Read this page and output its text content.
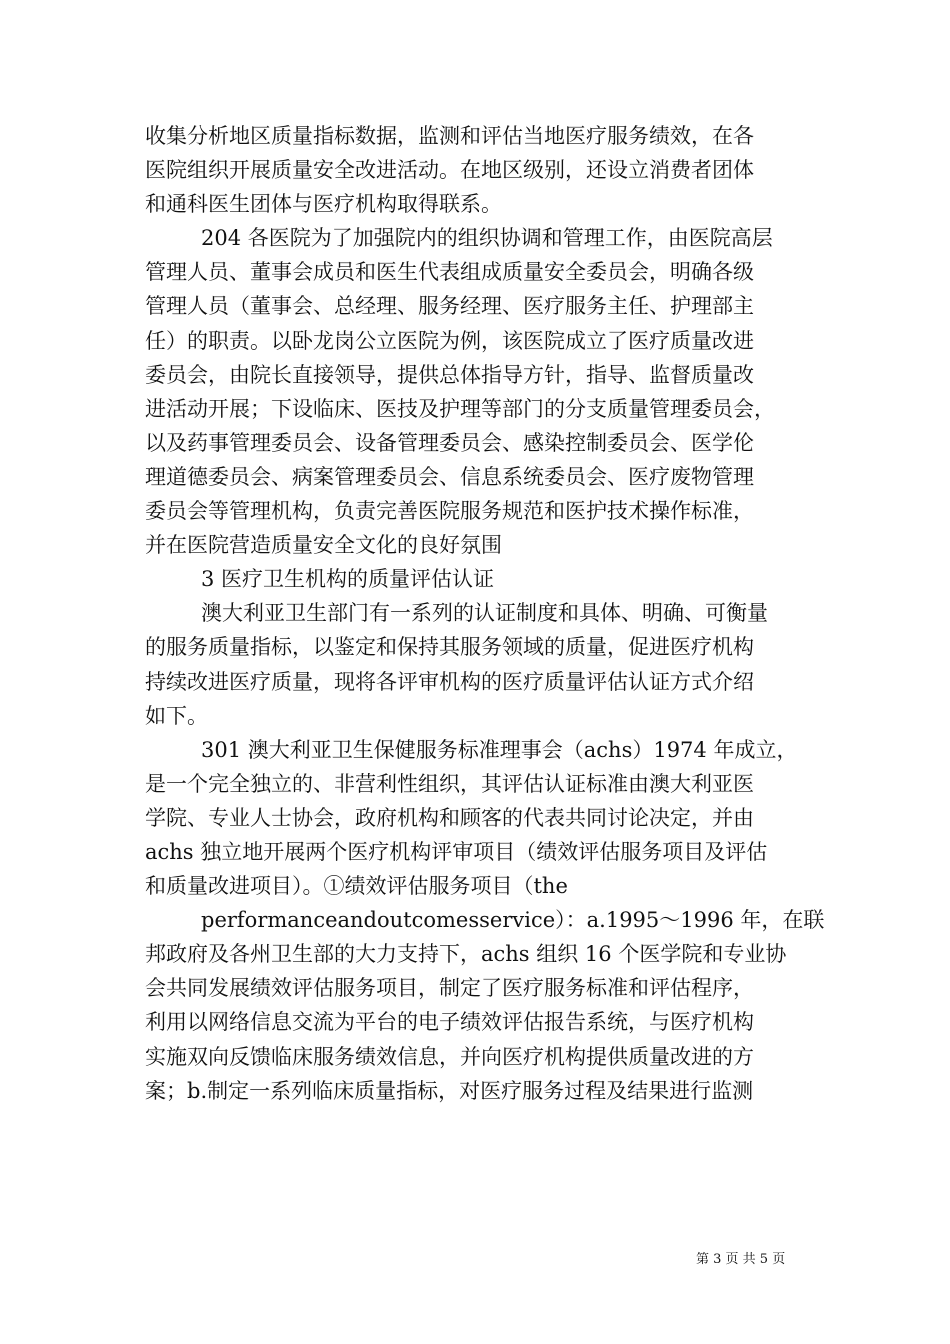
收集分析地区质量指标数据，监测和评估当地医疗服务绩效，在各
医院组织开展质量安全改进活动。在地区级别，还设立消费者团体
和通科医生团体与医疗机构取得联系。
204 各医院为了加强院内的组织协调和管理工作，由医院高层
管理人员、董事会成员和医生代表组成质量安全委员会，明确各级
管理人员（董事会、总经理、服务经理、医疗服务主任、护理部主
任）的职责。以卧龙岗公立医院为例，该医院成立了医疗质量改进
委员会，由院长直接领导，提供总体指导方针，指导、监督质量改
进活动开展；下设临床、医技及护理等部门的分支质量管理委员会，
以及药事管理委员会、设备管理委员会、感染控制委员会、医学伦
理道德委员会、病案管理委员会、信息系统委员会、医疗废物管理
委员会等管理机构，负责完善医院服务规范和医护技术操作标准，
并在医院营造质量安全文化的良好氛围
3 医疗卫生机构的质量评估认证
澳大利亚卫生部门有一系列的认证制度和具体、明确、可衡量
的服务质量指标，以鉴定和保持其服务领域的质量，促进医疗机构
持续改进医疗质量，现将各评审机构的医疗质量评估认证方式介绍
如下。
301 澳大利亚卫生保健服务标准理事会（achs）1974 年成立，
是一个完全独立的、非营利性组织，其评估认证标准由澳大利亚医
学院、专业人士协会，政府机构和顾客的代表共同讨论决定，并由
achs 独立地开展两个医疗机构评审项目（绩效评估服务项目及评估
和质量改进项目）。①绩效评估服务项目（the
performanceandoutcomesservice）：a.1995～1996 年，在联
邦政府及各州卫生部的大力支持下，achs 组织 16 个医学院和专业协
会共同发展绩效评估服务项目，制定了医疗服务标准和评估程序，
利用以网络信息交流为平台的电子绩效评估报告系统，与医疗机构
实施双向反馈临床服务绩效信息，并向医疗机构提供质量改进的方
案；b.制定一系列临床质量指标，对医疗服务过程及结果进行监测
第 3 页 共 5 页
